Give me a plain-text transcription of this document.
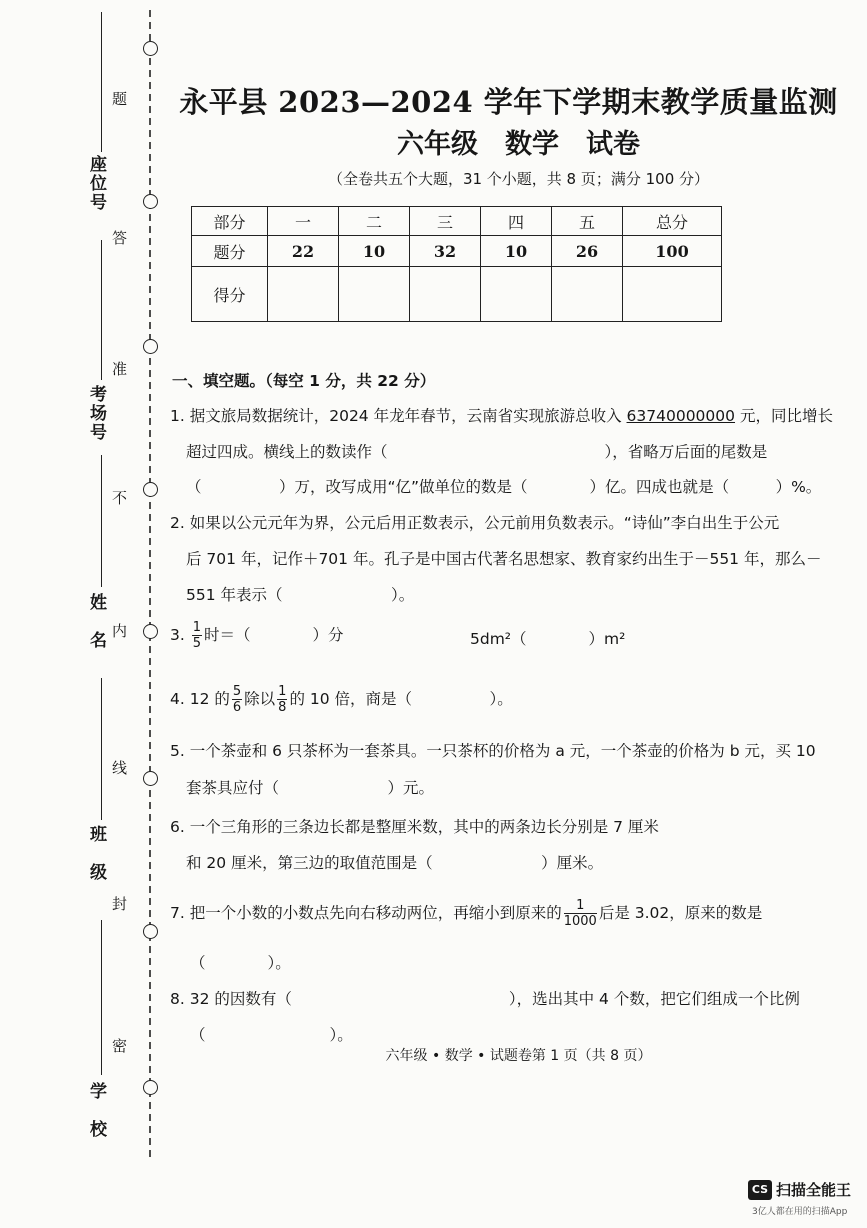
题
答
准
不
内
线
封
密
座位号
考场号
姓　名
班　级
学　校
永平县 2023—2024 学年下学期末教学质量监测
六年级　数学　试卷
（全卷共五个大题，31 个小题，共 8 页；满分 100 分）
部分	一	二	三	四	五	总分
题分	22	10	32	10	26	100
得分						
一、填空题。（每空 1 分，共 22 分）
1. 据文旅局数据统计，2024 年龙年春节，云南省实现旅游总收入 63740000000 元，同比增长
超过四成。横线上的数读作（　　　　　　　　　　　　　　），省略万后面的尾数是
（　　　　　）万，改写成用“亿”做单位的数是（　　　　）亿。四成也就是（　　　）%。
2. 如果以公元元年为界，公元后用正数表示，公元前用负数表示。“诗仙”李白出生于公元
后 701 年，记作＋701 年。孔子是中国古代著名思想家、教育家约出生于－551 年，那么－
551 年表示（　　　　　　　）。
3. $\frac{1}{5}$ 时＝（　　　　）分	5dm²（　　　　）m²
4. 12 的 $\frac{5}{6}$ 除以 $\frac{1}{8}$ 的 10 倍，商是（　　　　　）。
5. 一个茶壶和 6 只茶杯为一套茶具。一只茶杯的价格为 a 元，一个茶壶的价格为 b 元，买 10
套茶具应付（　　　　　　　）元。
6. 一个三角形的三条边长都是整厘米数，其中的两条边长分别是 7 厘米
和 20 厘米，第三边的取值范围是（　　　　　　　）厘米。
7. 把一个小数的小数点先向右移动两位，再缩小到原来的 $\frac{1}{1000}$ 后是 3.02，原来的数是
（　　　　）。
8. 32 的因数有（　　　　　　　　　　　　　　），选出其中 4 个数，把它们组成一个比例
（　　　　　　　　）。
六年级 • 数学 • 试题卷第 1 页（共 8 页）
CS 扫描全能王
3亿人都在用的扫描App
